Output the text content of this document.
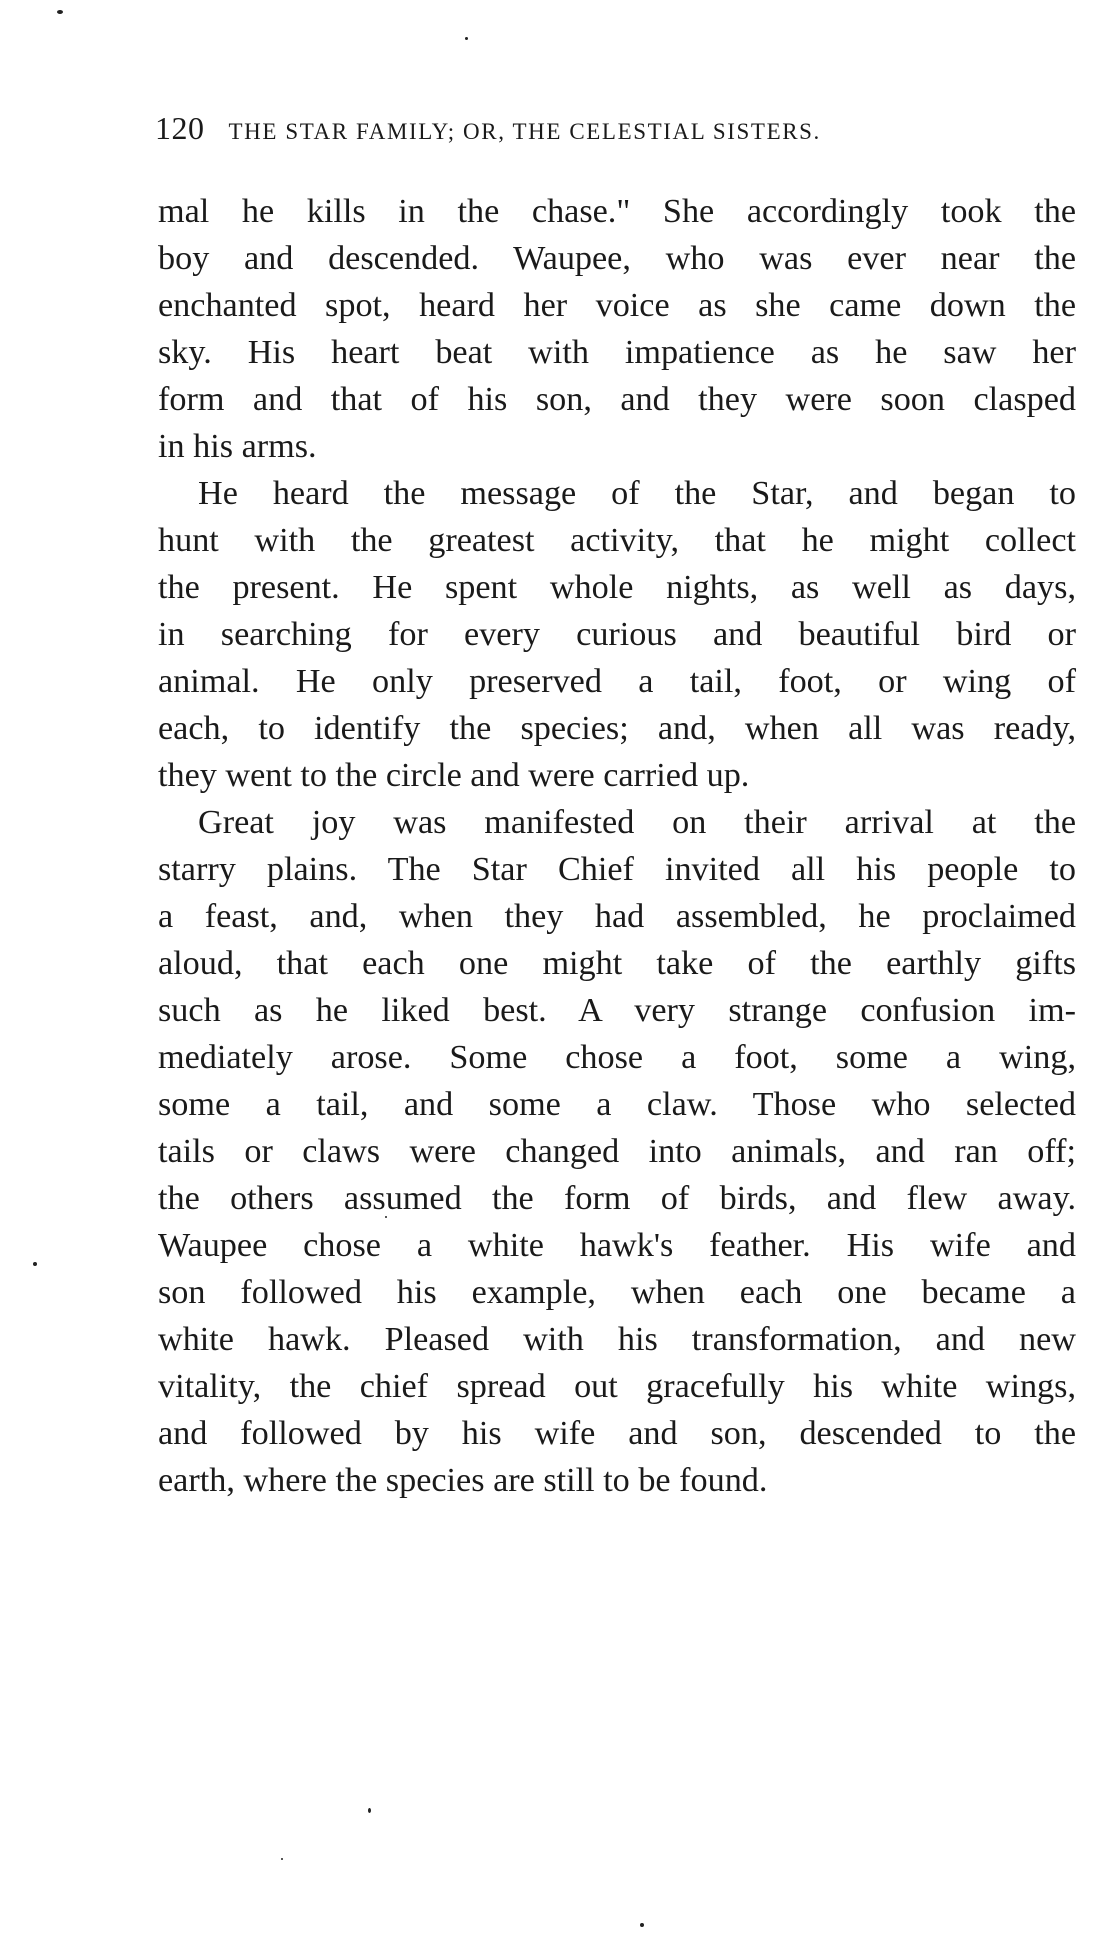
120 THE STAR FAMILY; OR, THE CELESTIAL SISTERS.
mal he kills in the chase." She accordingly took the
boy and descended. Waupee, who was ever near the
enchanted spot, heard her voice as she came down the
sky. His heart beat with impatience as he saw her
form and that of his son, and they were soon clasped
in his arms.
He heard the message of the Star, and began to
hunt with the greatest activity, that he might collect
the present. He spent whole nights, as well as days,
in searching for every curious and beautiful bird or
animal. He only preserved a tail, foot, or wing of
each, to identify the species; and, when all was ready,
they went to the circle and were carried up.
Great joy was manifested on their arrival at the
starry plains. The Star Chief invited all his people to
a feast, and, when they had assembled, he proclaimed
aloud, that each one might take of the earthly gifts
such as he liked best. A very strange confusion im-
mediately arose. Some chose a foot, some a wing,
some a tail, and some a claw. Those who selected
tails or claws were changed into animals, and ran off;
the others assumed the form of birds, and flew away.
Waupee chose a white hawk's feather. His wife and
son followed his example, when each one became a
white hawk. Pleased with his transformation, and new
vitality, the chief spread out gracefully his white wings,
and followed by his wife and son, descended to the
earth, where the species are still to be found.
